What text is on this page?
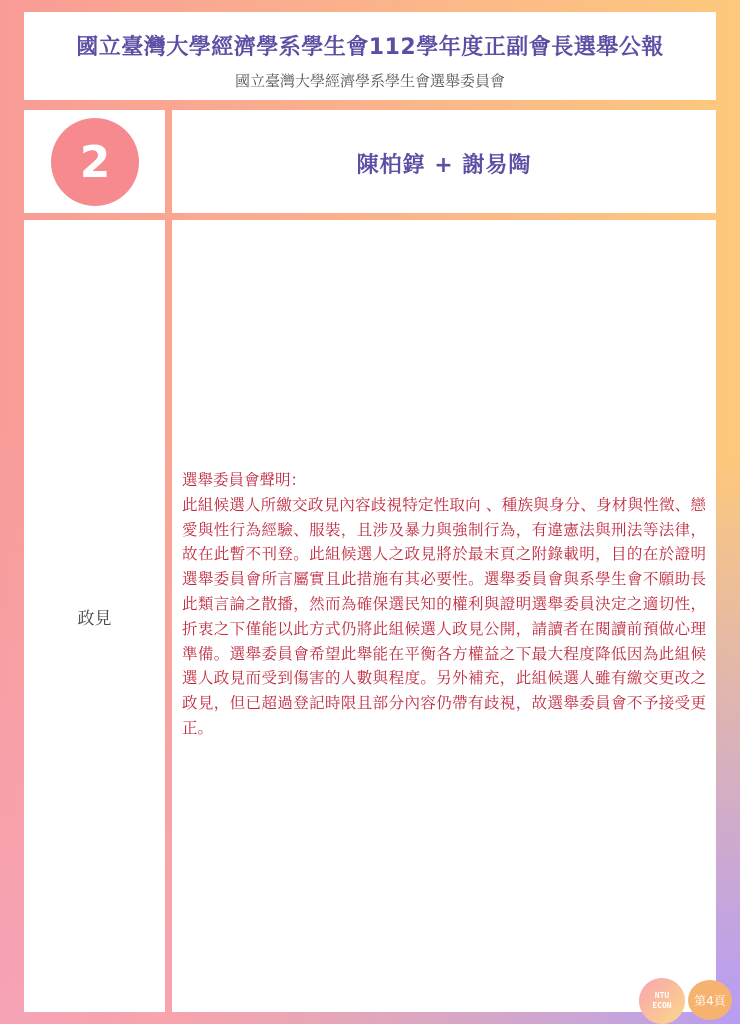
國立臺灣大學經濟學系學生會112學年度正副會長選舉公報
國立臺灣大學經濟學系學生會選舉委員會
2	陳柏錞 + 謝易陶
政見

選舉委員會聲明：

此組候選人所繳交政見內容歧視特定性取向 、種族與身分、身材與性徵、戀愛與性行為經驗、服裝，且涉及暴力與強制行為，有違憲法與刑法等法律，故在此暫不刊登。此組候選人之政見將於最末頁之附錄載明，目的在於證明選舉委員會所言屬實且此措施有其必要性。選舉委員會與系學生會不願助長此類言論之散播，然而為確保選民知的權利與證明選舉委員決定之適切性，折衷之下僅能以此方式仍將此組候選人政見公開，請讀者在閱讀前預做心理準備。選舉委員會希望此舉能在平衡各方權益之下最大程度降低因為此組候選人政見而受到傷害的人數與程度。另外補充，此組候選人雖有繳交更改之政見，但已超過登記時限且部分內容仍帶有歧視，故選舉委員會不予接受更正。

NTU
ECON	第4頁
